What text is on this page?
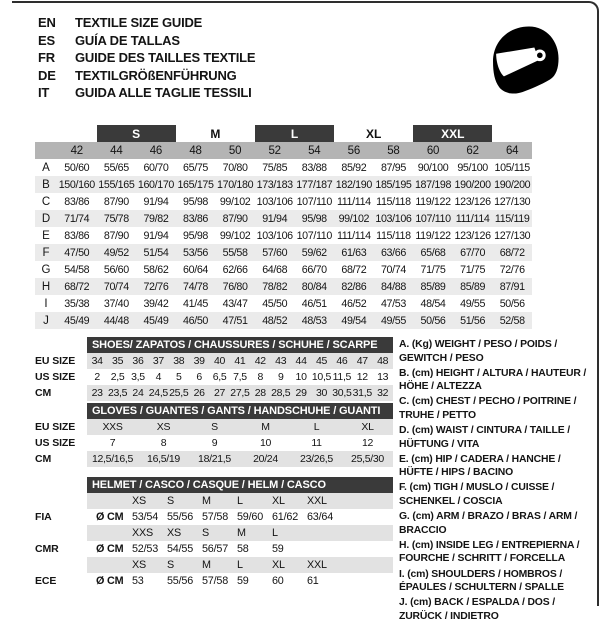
EN	TEXTILE SIZE GUIDE
ES	GUÍA DE TALLAS
FR	GUIDE DES TAILLES TEXTILE
DE	TEXTILGRÖßENFÜHRUNG
IT	GUIDA ALLE TAGLIE TESSILI
S	M	L	XL	XXL
42	44	46	48	50	52	54	56	58	60	62	64
A	50/60	55/65	60/70	65/75	70/80	75/85	83/88	85/92	87/95	90/100 95/100 105/115
B 150/160 155/165 160/170 165/175 170/180 173/183 177/187 182/190 185/195 187/198 190/200 190/200
C	83/86	87/90	91/94	95/98	99/102 103/106 107/110 111/114 115/118 119/122 123/126 127/130
D	71/74	75/78	79/82	83/86	87/90	91/94	95/98	99/102 103/106 107/110 111/114 115/119
E	83/86	87/90	91/94	95/98	99/102 103/106 107/110 111/114 115/118 119/122 123/126 127/130
F	47/50	49/52	51/54	53/56	55/58	57/60	59/62	61/63	63/66	65/68	67/70	68/72
G	54/58	56/60	58/62	60/64	62/66	64/68	66/70	68/72	70/74	71/75	71/75	72/76
H	68/72	70/74	72/76	74/78	76/80	78/82	80/84	82/86	84/88	85/89	85/89	87/91
I	35/38	37/40	39/42	41/45	43/47	45/50	46/51	46/52	47/53	48/54	49/55	50/56
J	45/49	44/48	45/49	46/50	47/51	48/52	48/53	49/54	49/55	50/56	51/56	52/58
SHOES/ ZAPATOS / CHAUSSURES / SCHUHE / SCARPE
EU SIZE	34 35 36 37 38 39 40 41 42 43 44 45 46 47 48
US SIZE	2	2,5 3,5	4	5	6	6,5 7,5	8	9	10 10,5 11,5 12 13
CM	23 23,5 24 24,5 25,5 26 27 27,5 28 28,5 29 30 30,5 31,5 32
GLOVES / GUANTES / GANTS / HANDSCHUHE / GUANTI
EU SIZE	XXS	XS	S	M	L	XL
US SIZE	7	8	9	10	11	12
CM	12,5/16,5	16,5/19	18/21,5	20/24	23/26,5	25,5/30
HELMET / CASCO / CASQUE / HELM / CASCO
XS	S	M	L	XL	XXL
FIA	Ø CM 53/54 55/56 57/58 59/60 61/62 63/64
XXS	XS	S	M	L
CMR	Ø CM 52/53 54/55 56/57 58	59
XS	S	M	L	XL	XXL
ECE	Ø CM 53	55/56 57/58 59	60	61
A. (Kg) WEIGHT / PESO / POIDS / GEWITCH / PESO
B. (cm) HEIGHT / ALTURA / HAUTEUR / HÖHE / ALTEZZA
C. (cm) CHEST / PECHO / POITRINE / TRUHE / PETTO
D. (cm) WAIST / CINTURA / TAILLE / HÜFTUNG / VITA
E. (cm) HIP / CADERA / HANCHE / HÜFTE / HIPS / BACINO
F. (cm) TIGH / MUSLO / CUISSE / SCHENKEL / COSCIA
G. (cm) ARM / BRAZO / BRAS / ARM / BRACCIO
H. (cm) INSIDE LEG / ENTREPIERNA / FOURCHE / SCHRITT / FORCELLA
I. (cm) SHOULDERS / HOMBROS / ÉPAULES / SCHULTERN / SPALLE
J. (cm) BACK / ESPALDA / DOS / ZURÜCK / INDIETRO
